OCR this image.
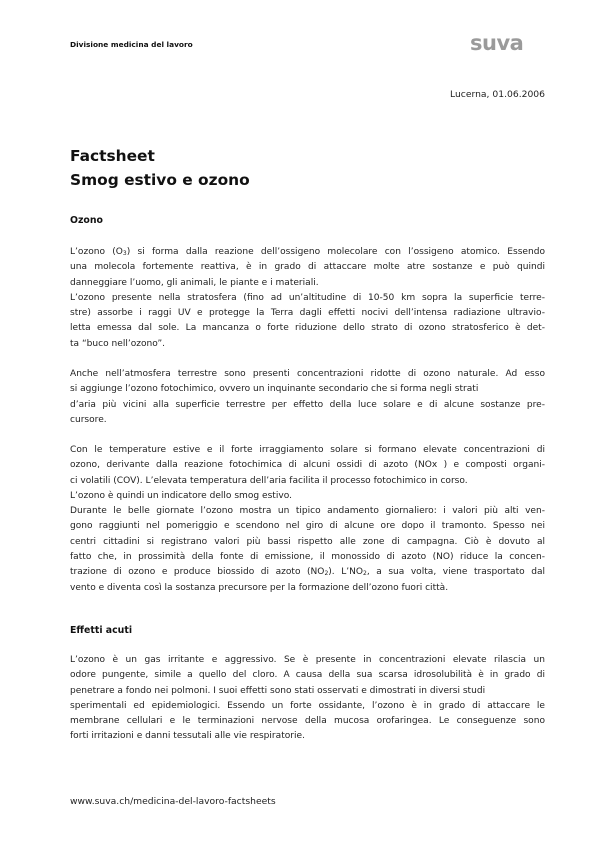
Divisione medicina del lavoro	suva
Lucerna, 01.06.2006
Factsheet
Smog estivo e ozono
Ozono
L’ozono $(O_3)$ si forma dalla reazione dell’ossigeno molecolare con l’ossigeno atomico. Essendo
una molecola fortemente reattiva, è in grado di attaccare molte atre sostanze e può quindi
danneggiare l’uomo, gli animali, le piante e i materiali.
L’ozono presente nella stratosfera (fino ad un’altitudine di 10-50 km sopra la superficie terre-
stre) assorbe i raggi UV e protegge la Terra dagli effetti nocivi dell’intensa radiazione ultravio-
letta emessa dal sole. La mancanza o forte riduzione dello strato di ozono stratosferico è det-
ta “buco nell’ozono”.
Anche nell’atmosfera terrestre sono presenti concentrazioni ridotte di ozono naturale. Ad esso
si aggiunge l’ozono fotochimico, ovvero un inquinante secondario che si forma negli strati
d’aria più vicini alla superficie terrestre per effetto della luce solare e di alcune sostanze pre-
cursore.
Con le temperature estive e il forte irraggiamento solare si formano elevate concentrazioni di
ozono, derivante dalla reazione fotochimica di alcuni ossidi di azoto (NOx ) e composti organi-
ci volatili (COV). L’elevata temperatura dell’aria facilita il processo fotochimico in corso.
L’ozono è quindi un indicatore dello smog estivo.
Durante le belle giornate l’ozono mostra un tipico andamento giornaliero: i valori più alti ven-
gono raggiunti nel pomeriggio e scendono nel giro di alcune ore dopo il tramonto. Spesso nei
centri cittadini si registrano valori più bassi rispetto alle zone di campagna. Ciò è dovuto al
fatto che, in prossimità della fonte di emissione, il monossido di azoto (NO) riduce la concen-
trazione di ozono e produce biossido di azoto $(NO_2)$. $L’NO_2$, a sua volta, viene trasportato dal
vento e diventa così la sostanza precursore per la formazione dell’ozono fuori città.
Effetti acuti
L’ozono è un gas irritante e aggressivo. Se è presente in concentrazioni elevate rilascia un
odore pungente, simile a quello del cloro. A causa della sua scarsa idrosolubilità è in grado di
penetrare a fondo nei polmoni. I suoi effetti sono stati osservati e dimostrati in diversi studi
sperimentali ed epidemiologici. Essendo un forte ossidante, l’ozono è in grado di attaccare le
membrane cellulari e le terminazioni nervose della mucosa orofaringea. Le conseguenze sono
forti irritazioni e danni tessutali alle vie respiratorie.
www.suva.ch/medicina-del-lavoro-factsheets
